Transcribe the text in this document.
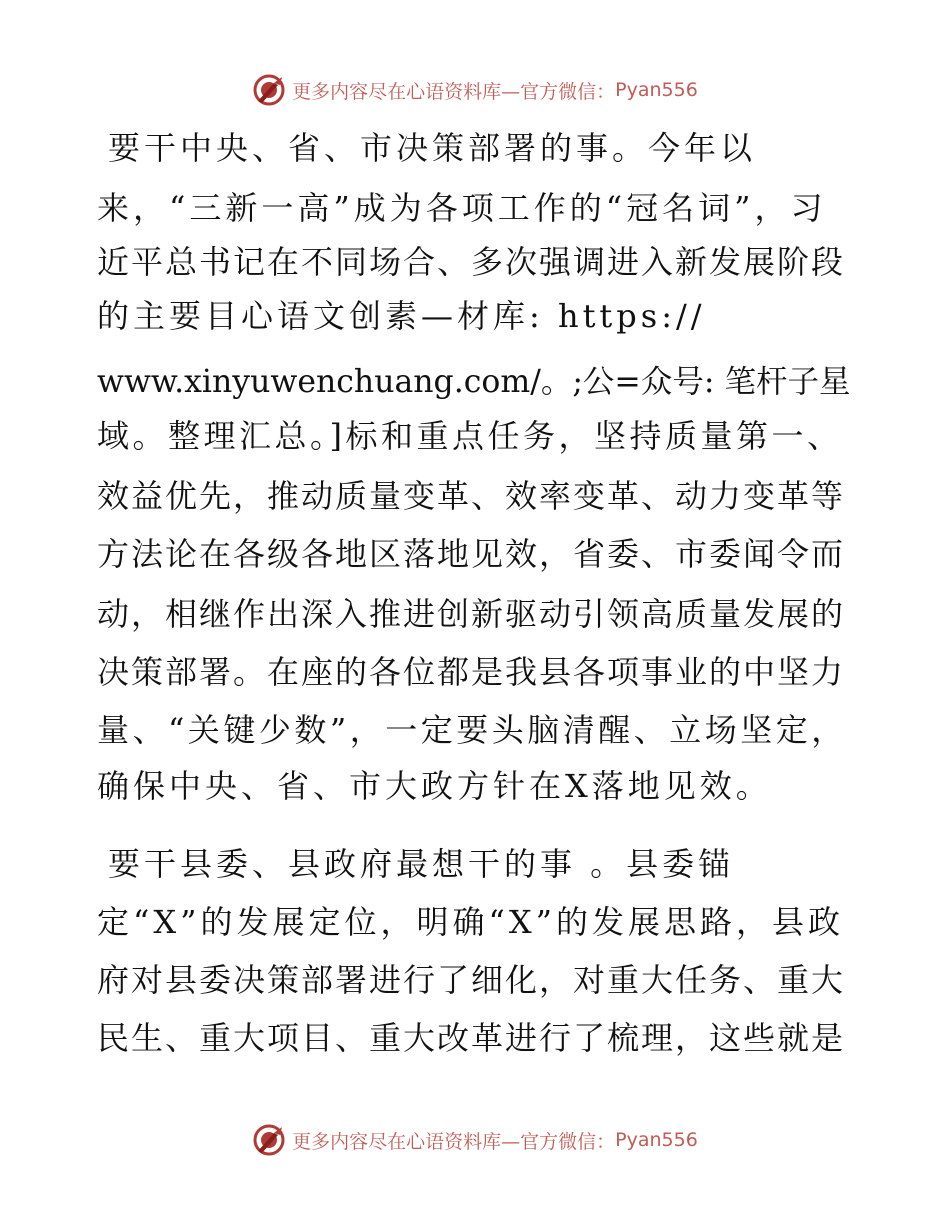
更多内容尽在心语资料库—官方微信： Pyan556
要干中央、省、市决策部署的事。今年以
来，“三新一高”成为各项工作的“冠名词”，习
近平总书记在不同场合、多次强调进入新发展阶段
的主要目心语文创素—材库: https://
www.xinyuwenchuang.com/。;公=众号: 笔杆子星
域。整理汇总。]标和重点任务，坚持质量第一、
效益优先，推动质量变革、效率变革、动力变革等
方法论在各级各地区落地见效，省委、市委闻令而
动，相继作出深入推进创新驱动引领高质量发展的
决策部署。在座的各位都是我县各项事业的中坚力
量、“关键少数”，一定要头脑清醒、立场坚定，
确保中央、省、市大政方针在X落地见效。
要干县委、县政府最想干的事 。县委锚
定“X”的发展定位，明确“X”的发展思路，县政
府对县委决策部署进行了细化，对重大任务、重大
民生、重大项目、重大改革进行了梳理，这些就是
更多内容尽在心语资料库—官方微信： Pyan556
